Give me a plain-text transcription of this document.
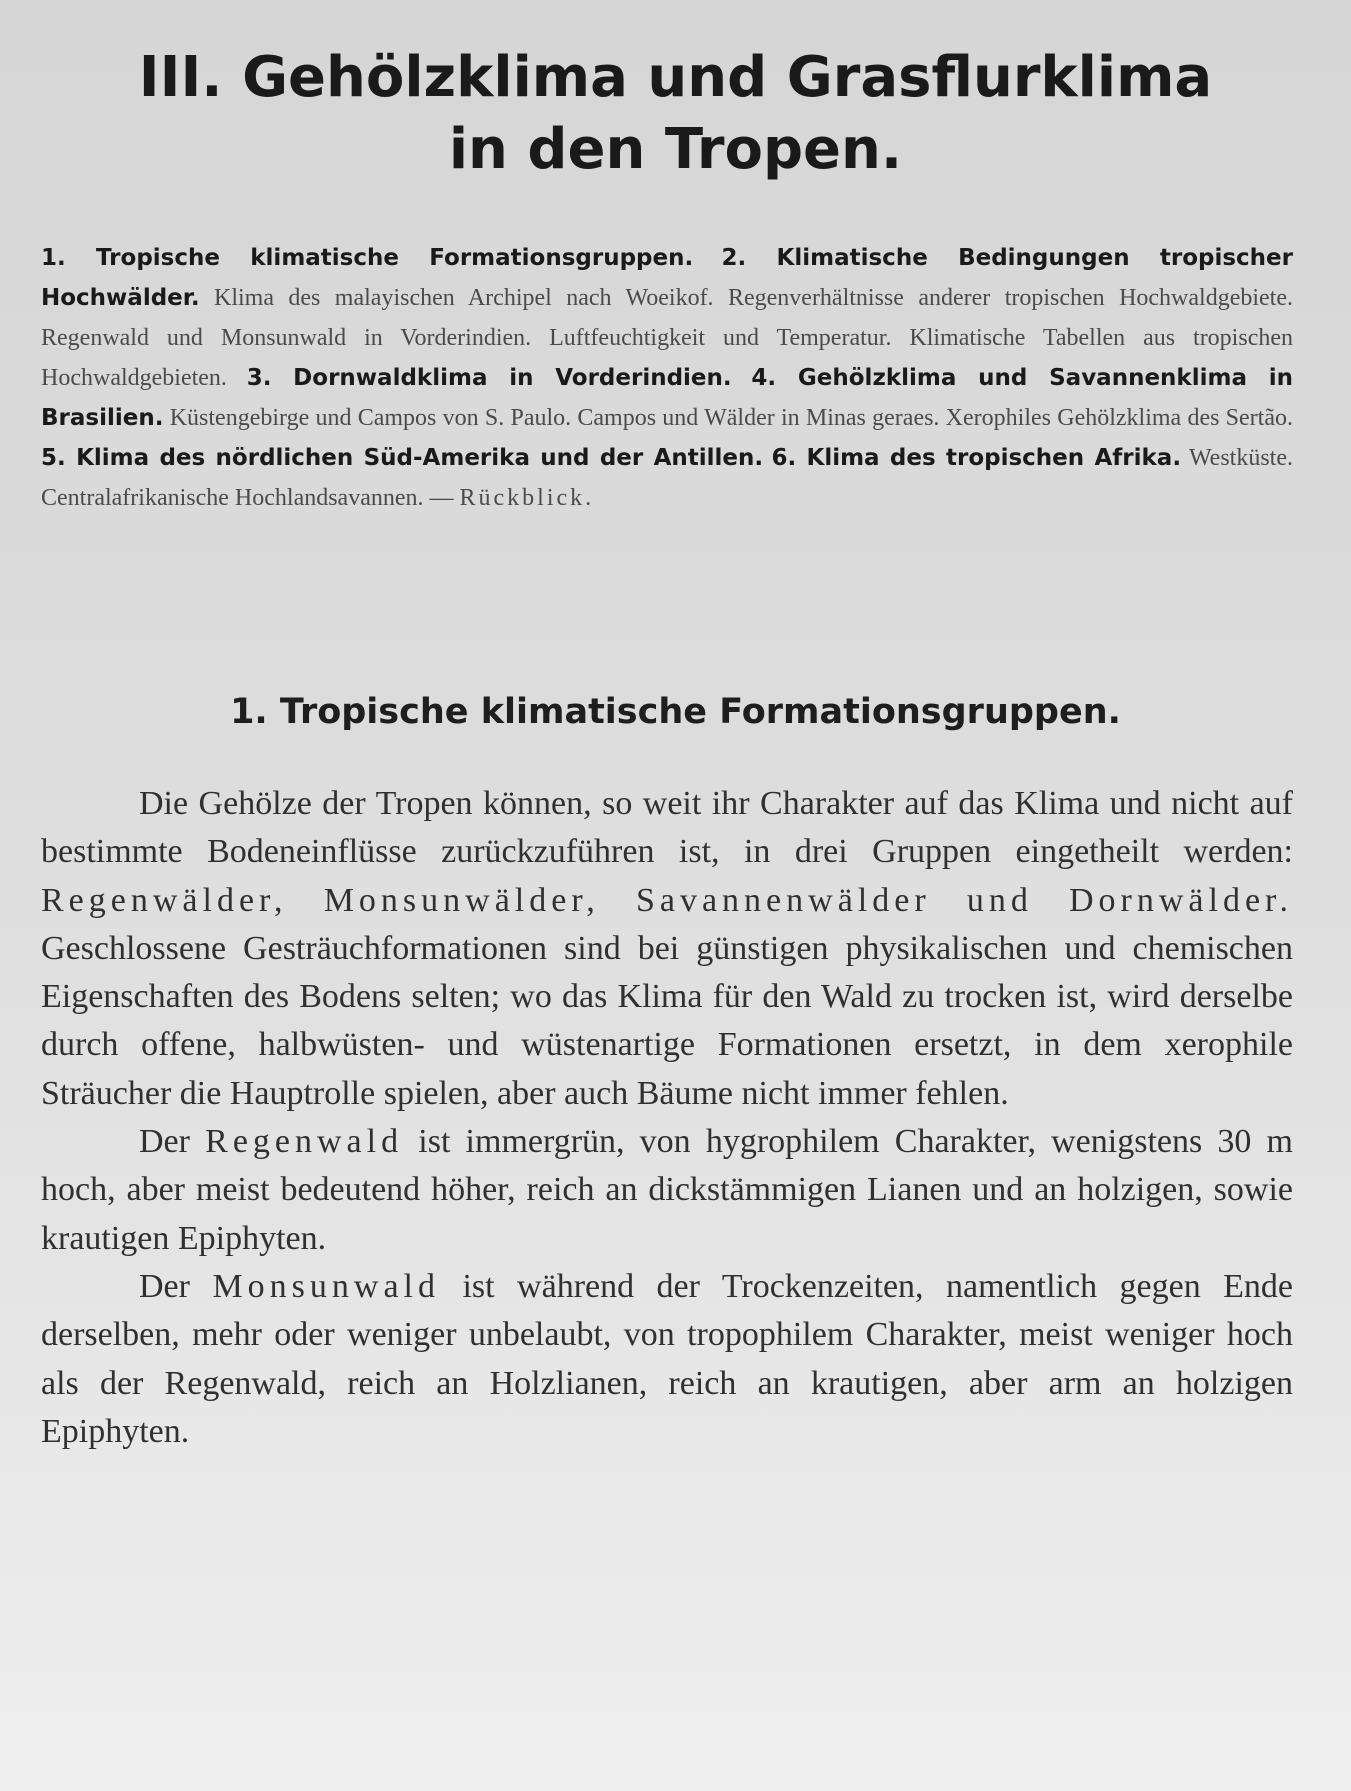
III. Gehölzklima und Grasflurklima
in den Tropen.

1. Tropische klimatische Formationsgruppen. 2. Klimatische Bedingungen tropischer Hochwälder. Klima des malayischen Archipel nach Woeikof. Regenverhältnisse anderer tropischen Hochwaldgebiete. Regenwald und Monsunwald in Vorderindien. Luftfeuchtigkeit und Temperatur. Klimatische Tabellen aus tropischen Hochwaldgebieten. 3. Dornwaldklima in Vorderindien. 4. Gehölzklima und Savannenklima in Brasilien. Küstengebirge und Campos von S. Paulo. Campos und Wälder in Minas geraes. Xerophiles Gehölzklima des Sertão. 5. Klima des nördlichen Süd-Amerika und der Antillen. 6. Klima des tropischen Afrika. Westküste. Centralafrikanische Hochlandsavannen. — Rückblick.

1. Tropische klimatische Formationsgruppen.

Die Gehölze der Tropen können, so weit ihr Charakter auf das Klima und nicht auf bestimmte Bodeneinflüsse zurückzuführen ist, in drei Gruppen eingetheilt werden: Regenwälder, Monsunwälder, Savannenwälder und Dornwälder. Geschlossene Gesträuchformationen sind bei günstigen physikalischen und chemischen Eigenschaften des Bodens selten; wo das Klima für den Wald zu trocken ist, wird derselbe durch offene, halbwüsten- und wüstenartige Formationen ersetzt, in dem xerophile Sträucher die Hauptrolle spielen, aber auch Bäume nicht immer fehlen.

Der Regenwald ist immergrün, von hygrophilem Charakter, wenigstens 30 m hoch, aber meist bedeutend höher, reich an dickstämmigen Lianen und an holzigen, sowie krautigen Epiphyten.

Der Monsunwald ist während der Trockenzeiten, namentlich gegen Ende derselben, mehr oder weniger unbelaubt, von tropophilem Charakter, meist weniger hoch als der Regenwald, reich an Holzlianen, reich an krautigen, aber arm an holzigen Epiphyten.
